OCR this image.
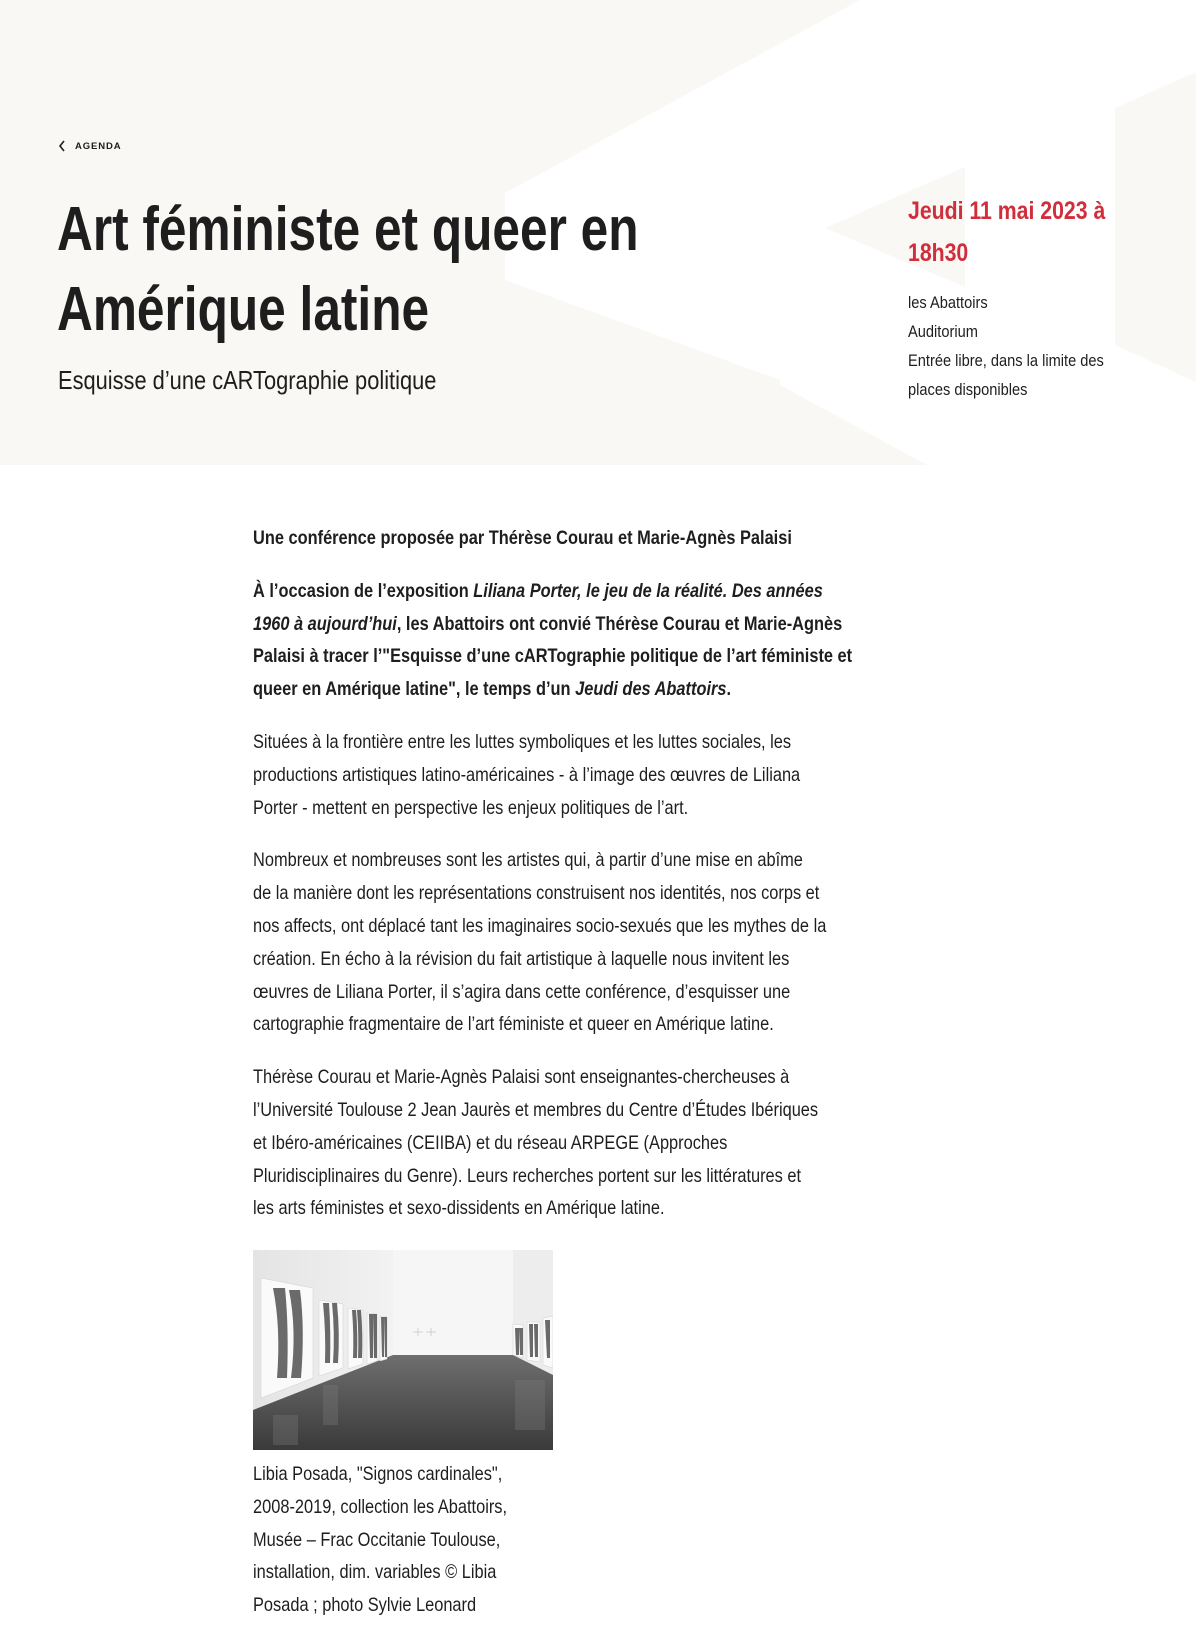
AGENDA
Art féministe et queer en
Amérique latine
Esquisse d’une cARTographie politique

Jeudi 11 mai 2023 à
18h30

les Abattoirs
Auditorium
Entrée libre, dans la limite des
places disponibles

Une conférence proposée par Thérèse Courau et Marie-Agnès Palaisi

À l’occasion de l’exposition Liliana Porter, le jeu de la réalité. Des années
1960 à aujourd’hui, les Abattoirs ont convié Thérèse Courau et Marie-Agnès
Palaisi à tracer l’"Esquisse d’une cARTographie politique de l’art féministe et
queer en Amérique latine", le temps d’un Jeudi des Abattoirs.

Situées à la frontière entre les luttes symboliques et les luttes sociales, les
productions artistiques latino-américaines - à l’image des œuvres de Liliana
Porter - mettent en perspective les enjeux politiques de l’art.

Nombreux et nombreuses sont les artistes qui, à partir d’une mise en abîme
de la manière dont les représentations construisent nos identités, nos corps et
nos affects, ont déplacé tant les imaginaires socio-sexués que les mythes de la
création. En écho à la révision du fait artistique à laquelle nous invitent les
œuvres de Liliana Porter, il s’agira dans cette conférence, d’esquisser une
cartographie fragmentaire de l’art féministe et queer en Amérique latine.

Thérèse Courau et Marie-Agnès Palaisi sont enseignantes-chercheuses à
l’Université Toulouse 2 Jean Jaurès et membres du Centre d’Études Ibériques
et Ibéro-américaines (CEIIBA) et du réseau ARPEGE (Approches
Pluridisciplinaires du Genre). Leurs recherches portent sur les littératures et
les arts féministes et sexo-dissidents en Amérique latine.

Libia Posada, "Signos cardinales",
2008-2019, collection les Abattoirs,
Musée – Frac Occitanie Toulouse,
installation, dim. variables © Libia
Posada ; photo Sylvie Leonard
